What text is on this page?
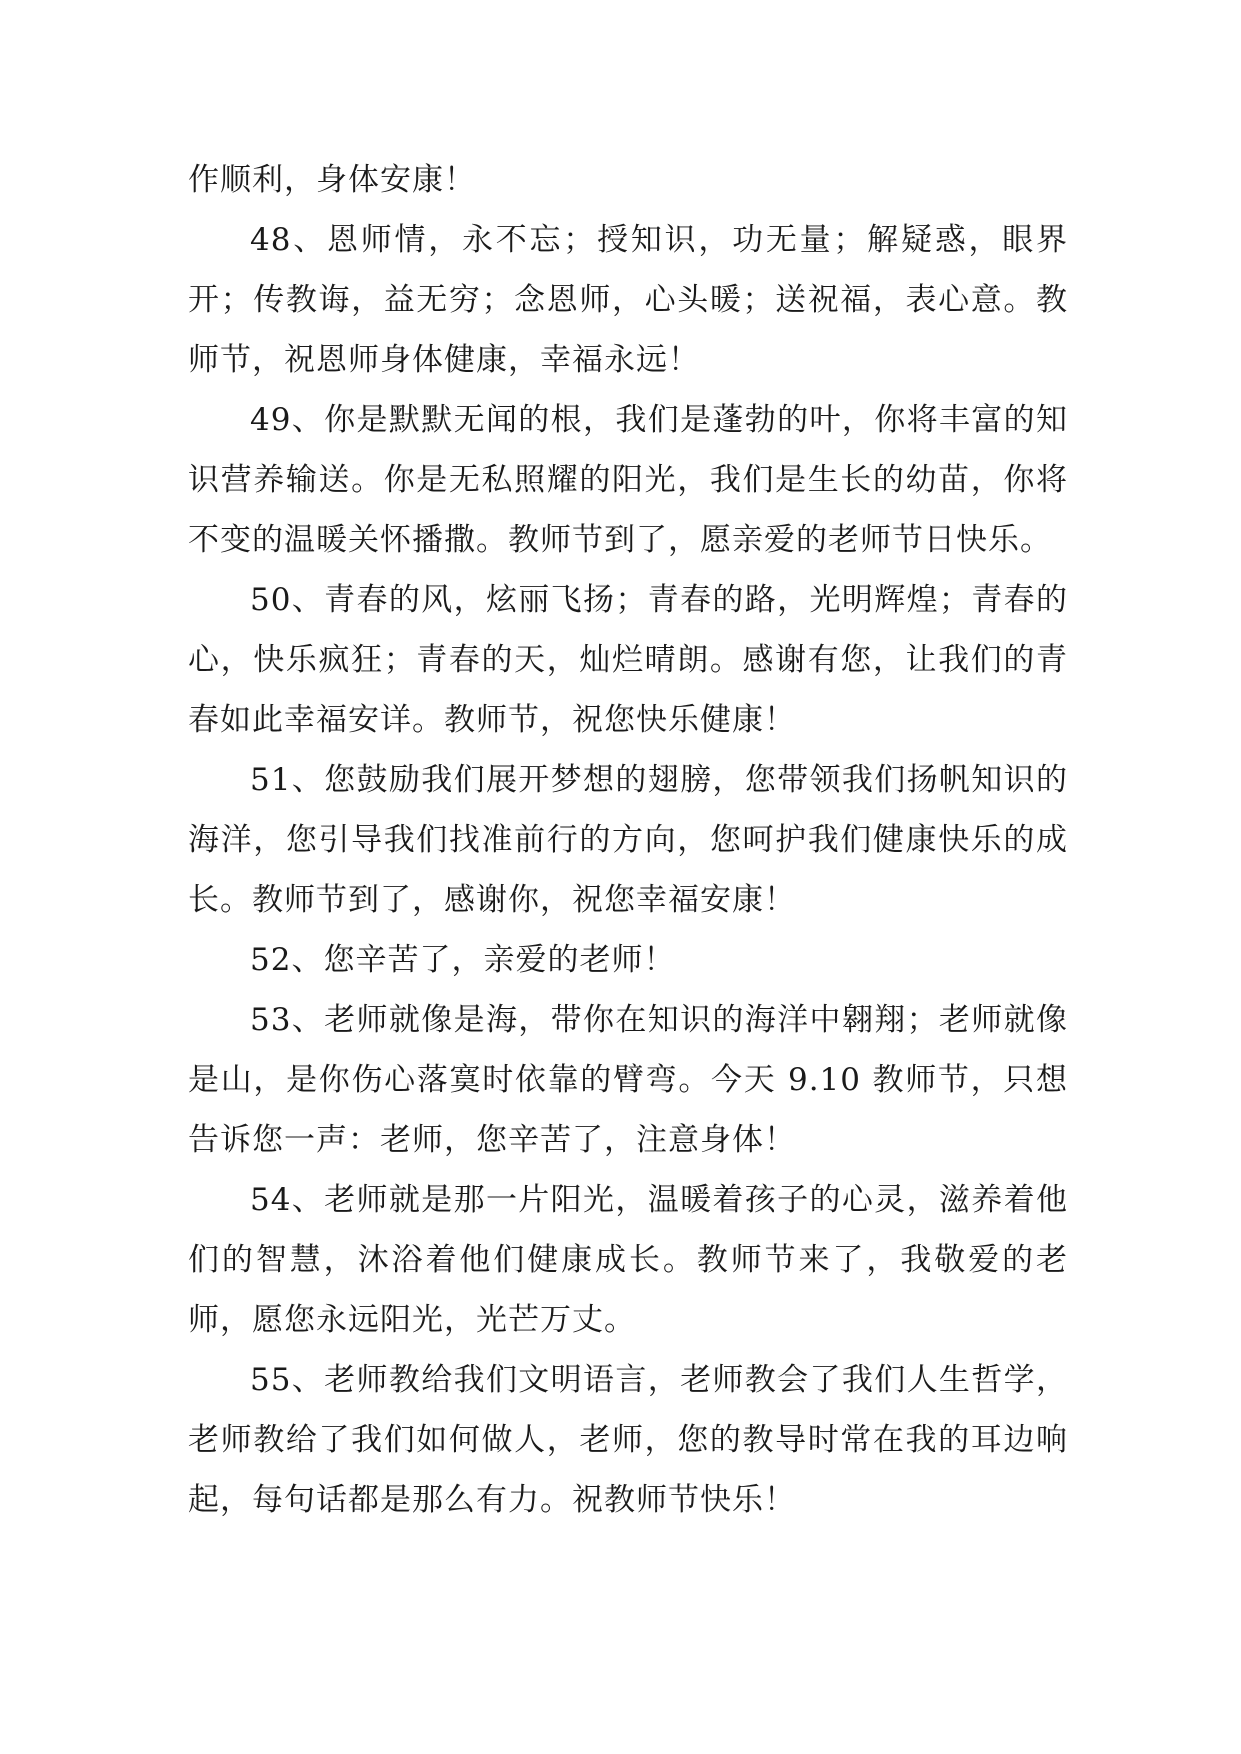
作顺利，身体安康！

48、恩师情，永不忘；授知识，功无量；解疑惑，眼界开；传教诲，益无穷；念恩师，心头暖；送祝福，表心意。教师节，祝恩师身体健康，幸福永远！

49、你是默默无闻的根，我们是蓬勃的叶，你将丰富的知识营养输送。你是无私照耀的阳光，我们是生长的幼苗，你将不变的温暖关怀播撒。教师节到了，愿亲爱的老师节日快乐。

50、青春的风，炫丽飞扬；青春的路，光明辉煌；青春的心，快乐疯狂；青春的天，灿烂晴朗。感谢有您，让我们的青春如此幸福安详。教师节，祝您快乐健康！

51、您鼓励我们展开梦想的翅膀，您带领我们扬帆知识的海洋，您引导我们找准前行的方向，您呵护我们健康快乐的成长。教师节到了，感谢你，祝您幸福安康！

52、您辛苦了，亲爱的老师！

53、老师就像是海，带你在知识的海洋中翱翔；老师就像是山，是你伤心落寞时依靠的臂弯。今天 9.10 教师节，只想告诉您一声：老师，您辛苦了，注意身体！

54、老师就是那一片阳光，温暖着孩子的心灵，滋养着他们的智慧，沐浴着他们健康成长。教师节来了，我敬爱的老师，愿您永远阳光，光芒万丈。

55、老师教给我们文明语言，老师教会了我们人生哲学，老师教给了我们如何做人，老师，您的教导时常在我的耳边响起，每句话都是那么有力。祝教师节快乐！
